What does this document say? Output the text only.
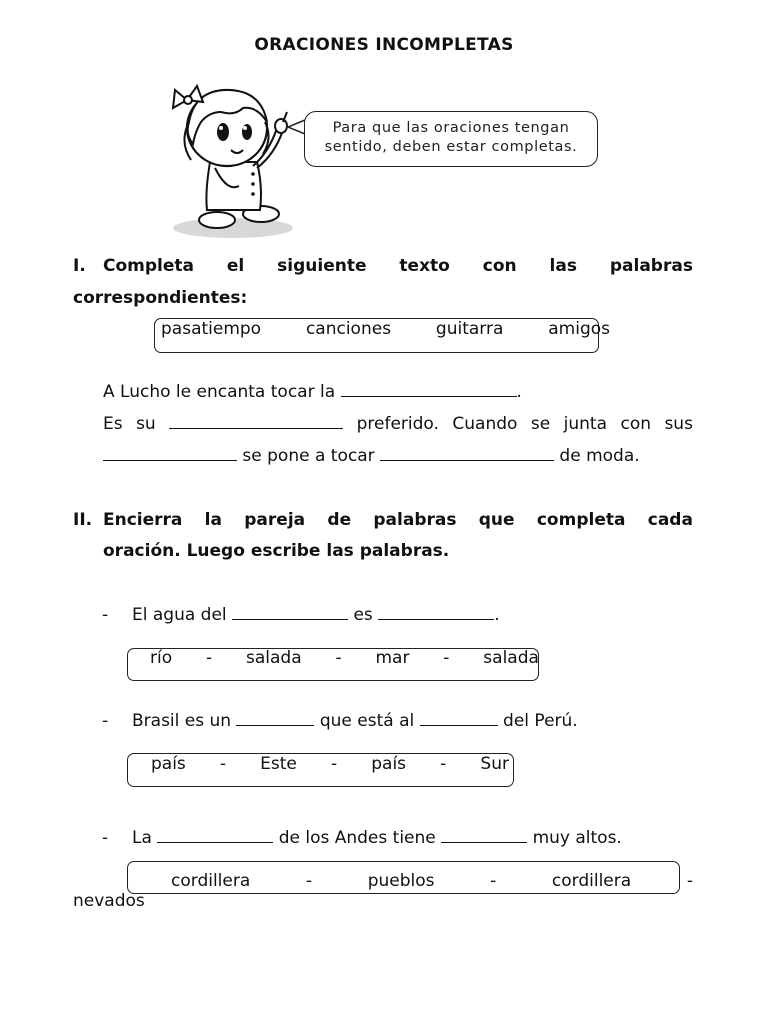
ORACIONES INCOMPLETAS
Para que las oraciones tengan
sentido, deben estar completas.
I. Completa el siguiente texto con las palabras
correspondientes:
pasatiempo	canciones	guitarra	amigos
A Lucho le encanta tocar la	.
Es su	preferido. Cuando se junta con sus
se pone a tocar	de moda.
II. Encierra la pareja de palabras que completa cada
oración. Luego escribe las palabras.
- El agua del	es	.
río - salada - mar - salada
- Brasil es un	que está al	del Perú.
país - Este - país - Sur
- La	de los Andes tiene	muy altos.
cordillera	-	pueblos	-	cordillera	-
nevados
